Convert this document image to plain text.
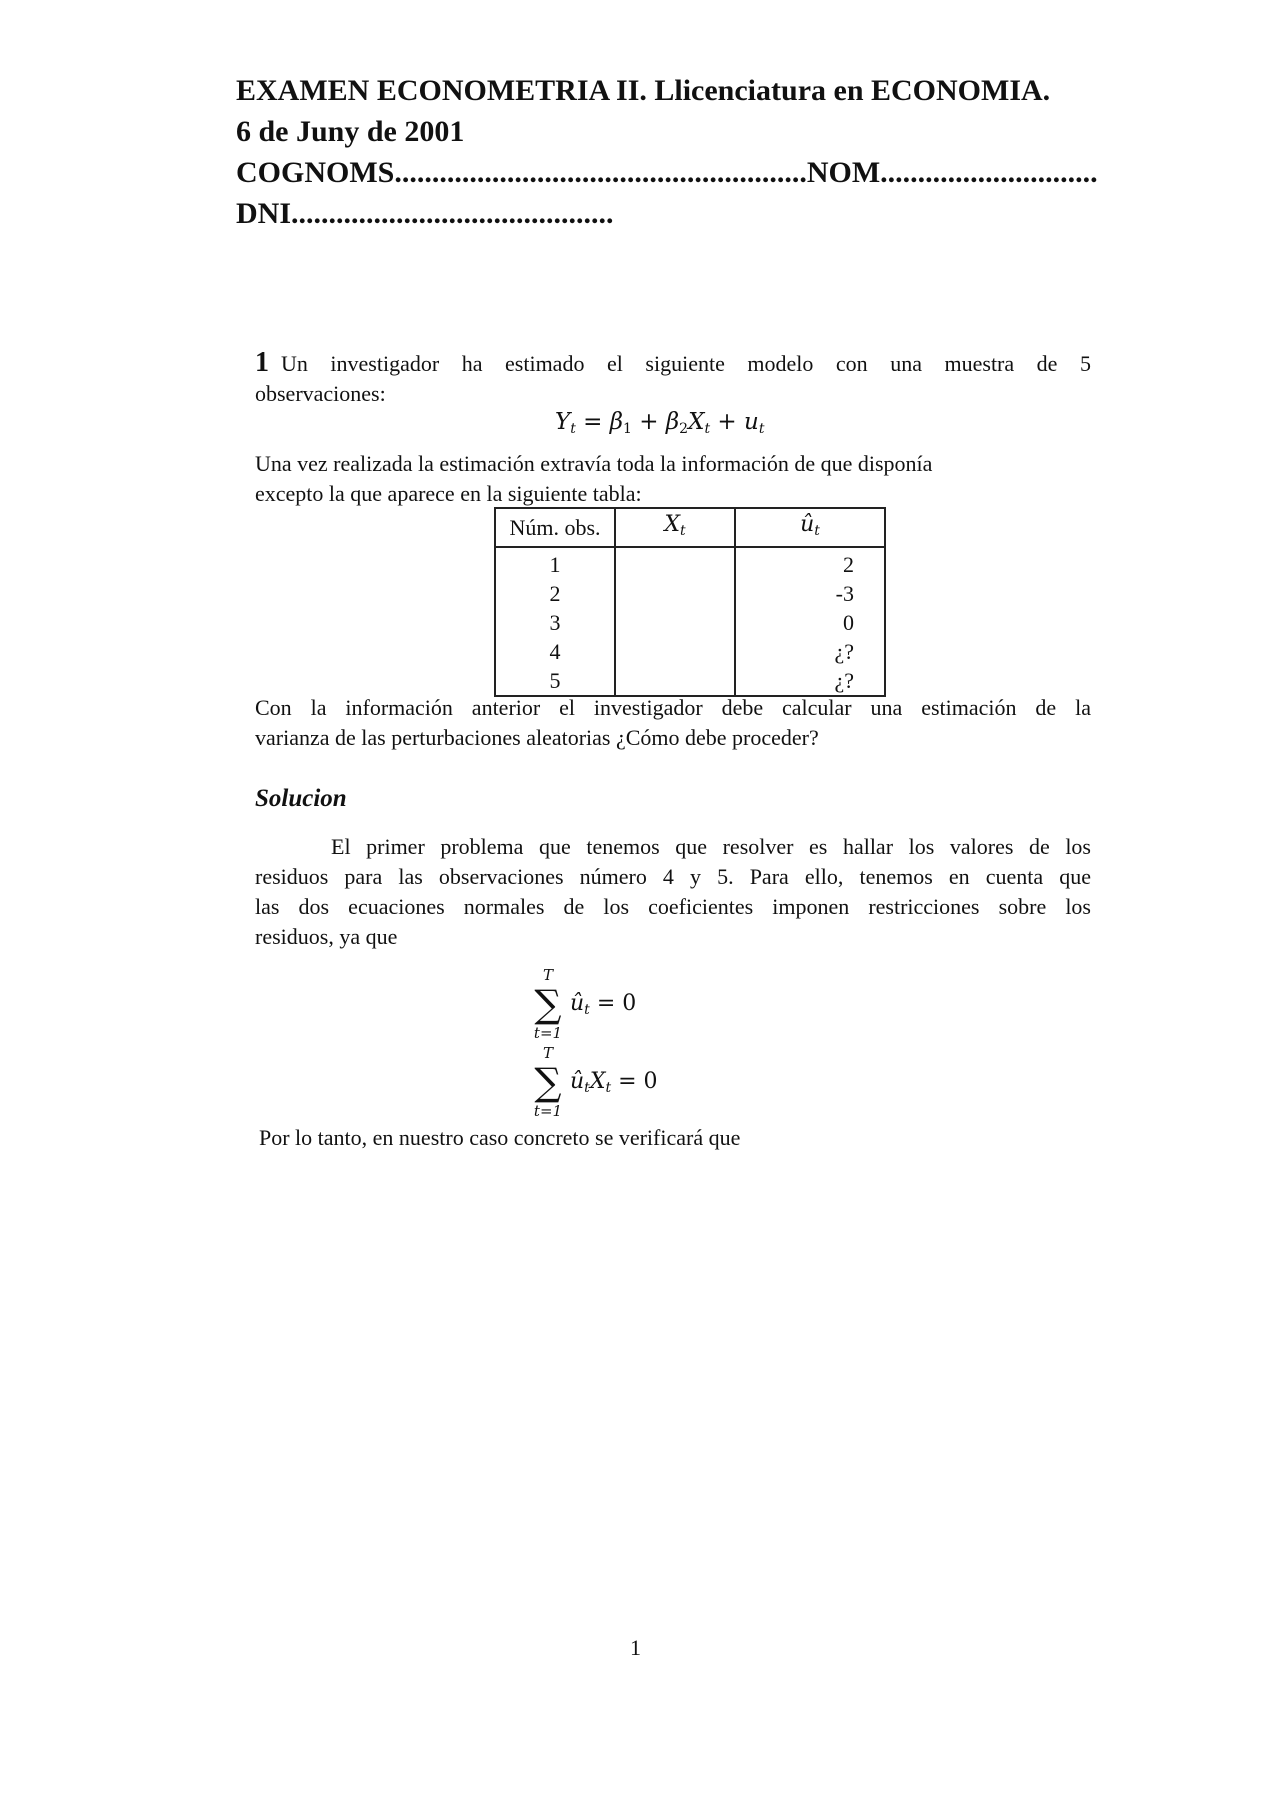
EXAMEN ECONOMETRIA II. Llicenciatura en ECONOMIA.
6 de Juny de 2001
COGNOMS.......................................................NOM.............................
DNI...........................................
1 Un investigador ha estimado el siguiente modelo con una muestra de 5
observaciones:
$Y_t = \beta_1 + \beta_2X_t + u_t$
Una vez realizada la estimación extravía toda la información de que disponía
excepto la que aparece en la siguiente tabla:
Núm. obs.	$X_t$	$û_t$
1		2
2		-3
3		0
4		¿?
5		¿?
Con la información anterior el investigador debe calcular una estimación de la
varianza de las perturbaciones aleatorias ¿Cómo debe proceder?
Solucion
El primer problema que tenemos que resolver es hallar los valores de los
residuos para las observaciones número 4 y 5. Para ello, tenemos en cuenta que
las dos ecuaciones normales de los coeficientes imponen restricciones sobre los
residuos, ya que
T
∑ $û_t = 0$
t=1
T
∑ $û_tX_t = 0$
t=1
Por lo tanto, en nuestro caso concreto se verificará que
1
